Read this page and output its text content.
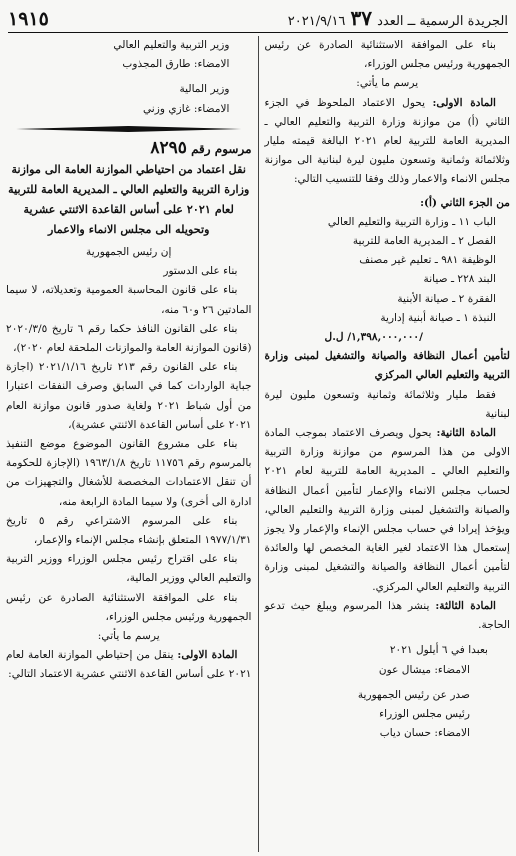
الجريدة الرسمية ــ العدد ٣٧ ٢٠٢١/٩/١٦
١٩١٥

بناء على الموافقة الاستثنائية الصادرة عن رئيس الجمهورية ورئيس مجلس الوزراء،

يرسم ما يأتي:

المادة الاولى: يحول الاعتماد الملحوظ في الجزء الثاني (أ) من موازنة وزارة التربية والتعليم العالي ـ المديرية العامة للتربية لعام ٢٠٢١ البالغة قيمته مليار وثلاثمائة وثمانية وتسعون مليون ليرة لبنانية الى موازنة مجلس الانماء والاعمار وذلك وفقا للتنسيب التالي:

من الجزء الثاني (أ):

الباب ١١ ـ وزارة التربية والتعليم العالي

الفصل ٢ ـ المديرية العامة للتربية

الوظيفة ٩٨١ ـ تعليم غير مصنف

البند ٢٢٨ ـ صيانة

الفقرة ٢ ـ صيانة الأبنية

النبذة ١ ـ صيانة أبنية إدارية

/١,٣٩٨,٠٠٠,٠٠٠/ ل.ل

لتأمين أعمال النظافة والصيانة والتشغيل لمبنى وزارة التربية والتعليم العالي المركزي

فقط مليار وثلاثمائة وثمانية وتسعون مليون ليرة لبنانية

المادة الثانية: يحول ويصرف الاعتماد بموجب المادة الاولى من هذا المرسوم من موازنة وزارة التربية والتعليم العالي ـ المديرية العامة للتربية لعام ٢٠٢١ لحساب مجلس الانماء والإعمار لتأمين أعمال النظافة والصيانة والتشغيل لمبنى وزارة التربية والتعليم العالي، ويؤخذ إيرادا في حساب مجلس الإنماء والإعمار ولا يجوز إستعمال هذا الاعتماد لغير الغاية المخصص لها والعائدة لتأمين أعمال النظافة والصيانة والتشغيل لمبنى وزارة التربية والتعليم العالي المركزي.

المادة الثالثة: ينشر هذا المرسوم ويبلغ حيث تدعو الحاجة.

بعبدا في ٦ أيلول ٢٠٢١

الامضاء: ميشال عون

صدر عن رئيس الجمهورية

رئيس مجلس الوزراء

الامضاء: حسان دياب

وزير التربية والتعليم العالي

الامضاء: طارق المجذوب

وزير المالية

الامضاء: غازي وزني

مرسوم رقم ٨٢٩٥

نقل اعتماد من احتياطي الموازنة العامة الى موازنة وزارة التربية والتعليم العالي ـ المديرية العامة للتربية لعام ٢٠٢١ على أساس القاعدة الاثنتي عشرية وتحويله الى مجلس الانماء والاعمار

إن رئيس الجمهورية

بناء على الدستور

بناء على قانون المحاسبة العمومية وتعديلاته، لا سيما المادتين ٢٦ و٦٠ منه،

بناء على القانون النافذ حكما رقم ٦ تاريخ ٢٠٢٠/٣/٥ (قانون الموازنة العامة والموازنات الملحقة لعام ٢٠٢٠)،

بناء على القانون رقم ٢١٣ تاريخ ٢٠٢١/١/١٦ (اجازة جباية الواردات كما في السابق وصرف النفقات اعتبارا من أول شباط ٢٠٢١ ولغاية صدور قانون موازنة العام ٢٠٢١ على أساس القاعدة الاثنتي عشرية)،

بناء على مشروع القانون الموضوع موضع التنفيذ بالمرسوم رقم ١١٧٥٦ تاريخ ١٩٦٣/١/٨ (الإجازة للحكومة أن تنقل الاعتمادات المخصصة للأشغال والتجهيزات من ادارة الى أخرى) ولا سيما المادة الرابعة منه،

بناء على المرسوم الاشتراعي رقم ٥ تاريخ ١٩٧٧/١/٣١ المتعلق بإنشاء مجلس الإنماء والإعمار،

بناء على اقتراح رئيس مجلس الوزراء ووزير التربية والتعليم العالي ووزير المالية،

بناء على الموافقة الاستثنائية الصادرة عن رئيس الجمهورية ورئيس مجلس الوزراء،

يرسم ما يأتي:

المادة الاولى: ينقل من إحتياطي الموازنة العامة لعام ٢٠٢١ على أساس القاعدة الاثنتي عشرية الاعتماد التالي:
